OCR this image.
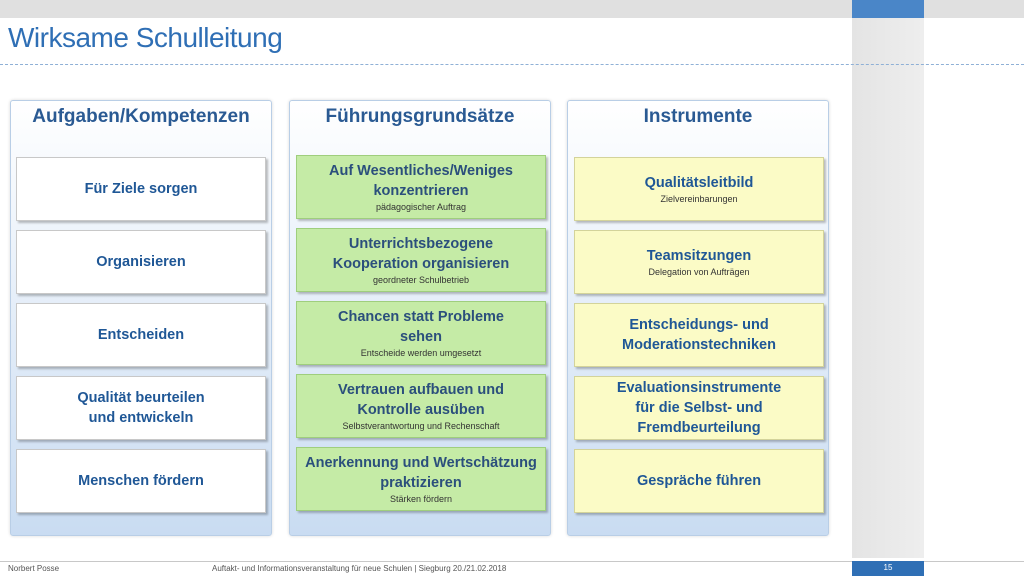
Wirksame Schulleitung
Aufgaben/Kompetenzen
Für Ziele sorgen
Organisieren
Entscheiden
Qualität beurteilen und entwickeln
Menschen fördern
Führungsgrundsätze
Auf Wesentliches/Weniges konzentrieren
pädagogischer Auftrag
Unterrichtsbezogene Kooperation organisieren
geordneter Schulbetrieb
Chancen statt Probleme sehen
Entscheide werden umgesetzt
Vertrauen aufbauen und Kontrolle ausüben
Selbstverantwortung und Rechenschaft
Anerkennung und Wertschätzung praktizieren
Stärken fördern
Instrumente
Qualitätsleitbild
Zielvereinbarungen
Teamsitzungen
Delegation von Aufträgen
Entscheidungs- und Moderationstechniken
Evaluationsinstrumente für die Selbst- und Fremdbeurteilung
Gespräche führen
Norbert Posse	Auftakt- und Informationsveranstaltung für neue Schulen | Siegburg 20./21.02.2018	15
